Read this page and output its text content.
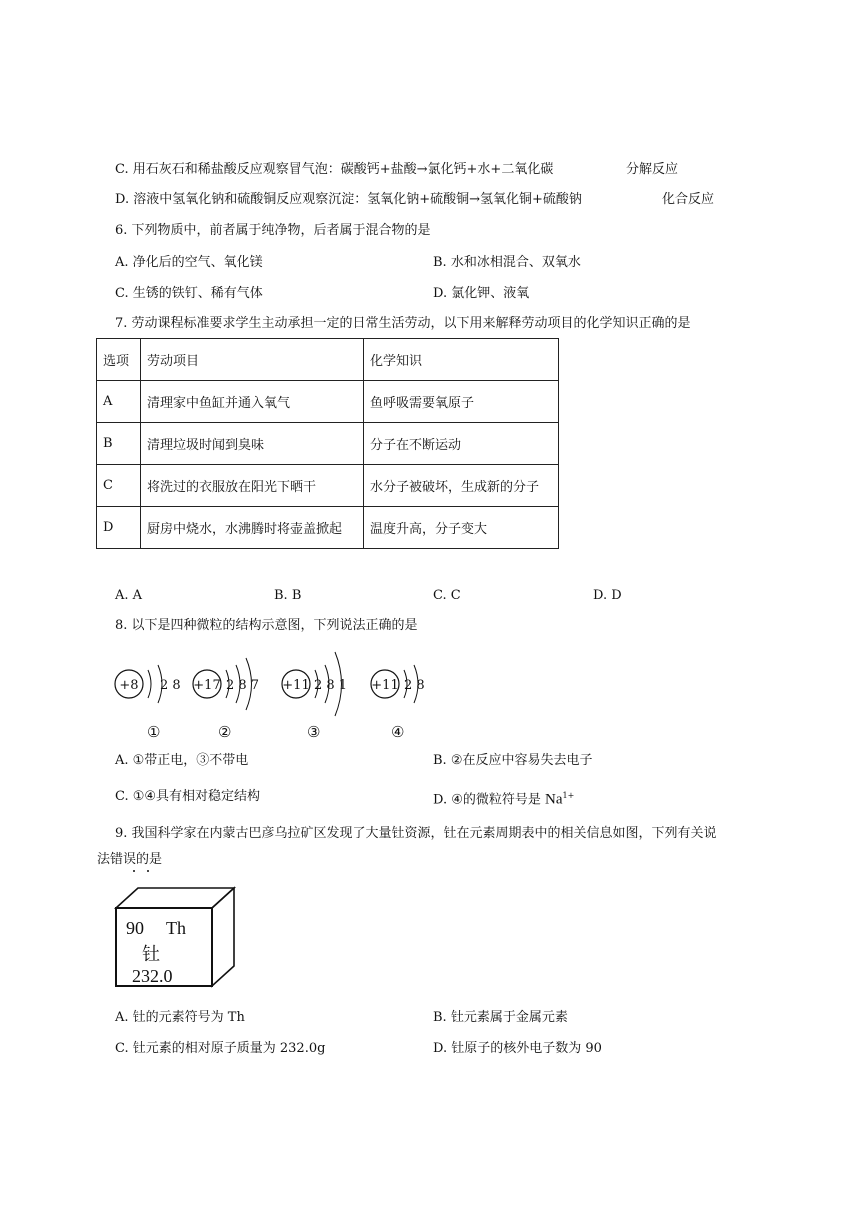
C. 用石灰石和稀盐酸反应观察冒气泡：碳酸钙+盐酸→氯化钙+水+二氧化碳	分解反应
D. 溶液中氢氧化钠和硫酸铜反应观察沉淀：氢氧化钠+硫酸铜→氢氧化铜+硫酸钠	化合反应
6. 下列物质中，前者属于纯净物，后者属于混合物的是
A. 净化后的空气、氧化镁	B. 水和冰相混合、双氧水
C. 生锈的铁钉、稀有气体	D. 氯化钾、液氧
7. 劳动课程标准要求学生主动承担一定的日常生活劳动，以下用来解释劳动项目的化学知识正确的是
选项	劳动项目	化学知识
A	清理家中鱼缸并通入氧气	鱼呼吸需要氧原子
B	清理垃圾时闻到臭味	分子在不断运动
C	将洗过的衣服放在阳光下晒干	水分子被破坏，生成新的分子
D	厨房中烧水，水沸腾时将壶盖掀起	温度升高，分子变大
A. A	B. B	C. C	D. D
8. 以下是四种微粒的结构示意图，下列说法正确的是
+8 2 8 +17 2 8 7 +11 2 8 1 +11 2 8
①	②	③	④
A. ①带正电，③不带电	B. ②在反应中容易失去电子
C. ①④具有相对稳定结构	D. ④的微粒符号是 $Na^{1+}$
9. 我国科学家在内蒙古巴彦乌拉矿区发现了大量钍资源，钍在元素周期表中的相关信息如图，下列有关说
法错误的是
90 Th
钍
232.0
A. 钍的元素符号为 Th	B. 钍元素属于金属元素
C. 钍元素的相对原子质量为 232.0g	D. 钍原子的核外电子数为 90
